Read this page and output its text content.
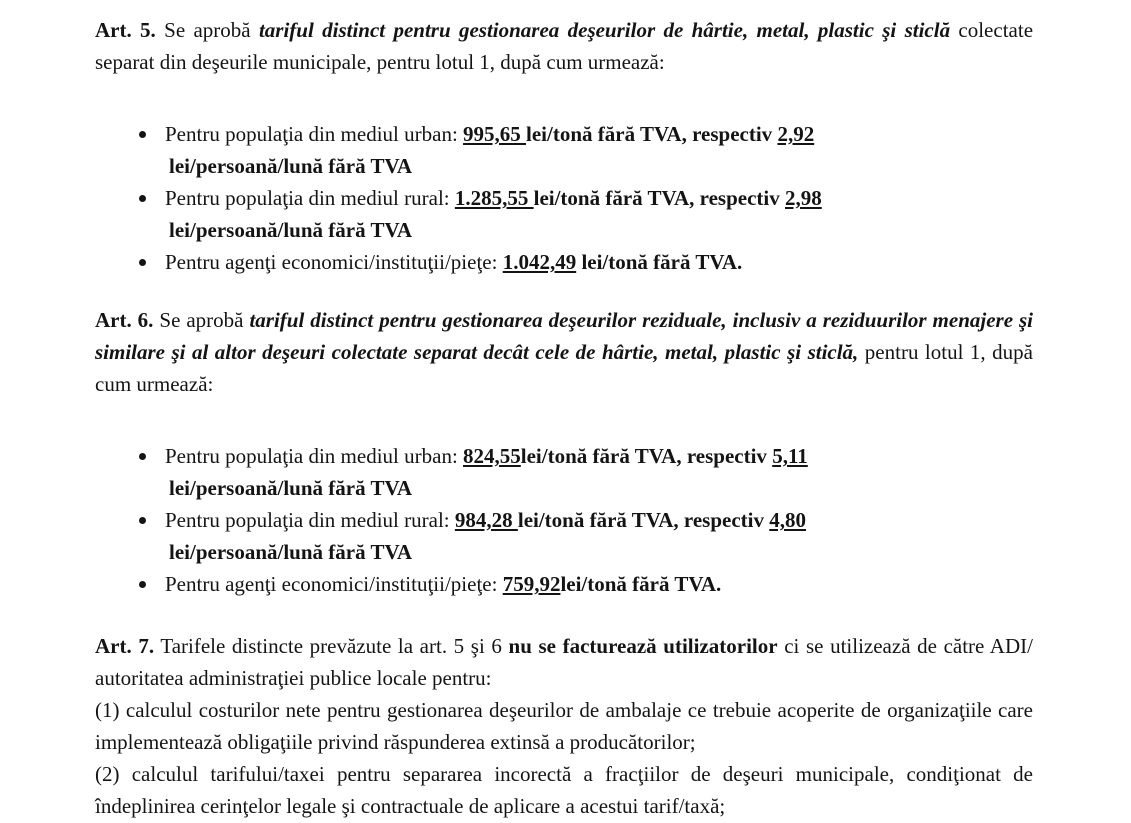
Art. 5. Se aprobă tariful distinct pentru gestionarea deşeurilor de hârtie, metal, plastic şi sticlă colectate separat din deşeurile municipale, pentru lotul 1, după cum urmează:

Pentru populaţia din mediul urban: 995,65 lei/tonă fără TVA, respectiv 2,92
lei/persoană/lună fără TVA
Pentru populaţia din mediul rural: 1.285,55 lei/tonă fără TVA, respectiv 2,98
lei/persoană/lună fără TVA
Pentru agenţi economici/instituţii/pieţe: 1.042,49 lei/tonă fără TVA.

Art. 6. Se aprobă tariful distinct pentru gestionarea deşeurilor reziduale, inclusiv a reziduurilor menajere şi similare şi al altor deşeuri colectate separat decât cele de hârtie, metal, plastic şi sticlă, pentru lotul 1, după cum urmează:

Pentru populaţia din mediul urban: 824,55lei/tonă fără TVA, respectiv 5,11
lei/persoană/lună fără TVA
Pentru populaţia din mediul rural: 984,28 lei/tonă fără TVA, respectiv 4,80
lei/persoană/lună fără TVA
Pentru agenţi economici/instituţii/pieţe: 759,92lei/tonă fără TVA.

Art. 7. Tarifele distincte prevăzute la art. 5 şi 6 nu se facturează utilizatorilor ci se utilizează de către ADI/ autoritatea administraţiei publice locale pentru:

(1) calculul costurilor nete pentru gestionarea deşeurilor de ambalaje ce trebuie acoperite de organizaţiile care implementează obligaţiile privind răspunderea extinsă a producătorilor;

(2) calculul tarifului/taxei pentru separarea incorectă a fracţiilor de deşeuri municipale, condiţionat de îndeplinirea cerinţelor legale şi contractuale de aplicare a acestui tarif/taxă;
